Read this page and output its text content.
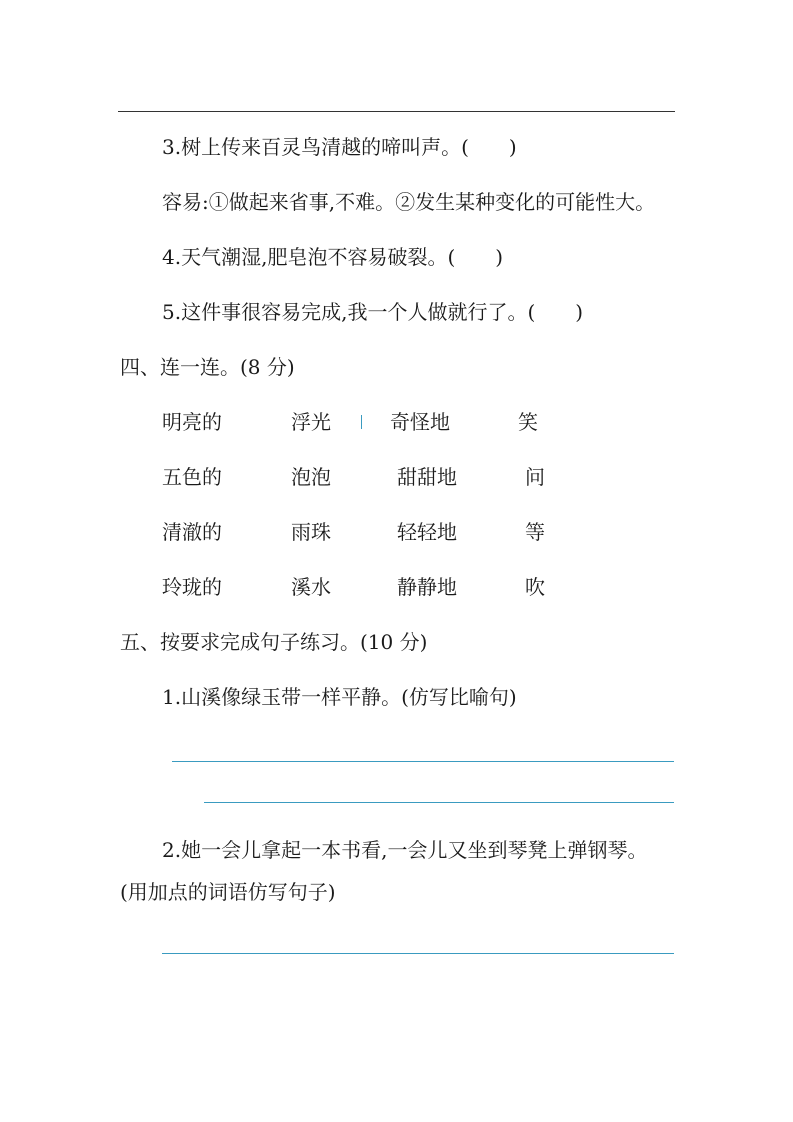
3.树上传来百灵鸟清越的啼叫声。(　　)
容易:①做起来省事,不难。②发生某种变化的可能性大。
4.天气潮湿,肥皂泡不容易破裂。(　　)
5.这件事很容易完成,我一个人做就行了。(　　)
四、连一连。(8 分)
明亮的	浮光	奇怪地	笑
五色的	泡泡	甜甜地	问
清澈的	雨珠	轻轻地	等
玲珑的	溪水	静静地	吹
五、按要求完成句子练习。(10 分)
1.山溪像绿玉带一样平静。(仿写比喻句)
2.她一会儿拿起一本书看,一会儿又坐到琴凳上弹钢琴。
(用加点的词语仿写句子)
